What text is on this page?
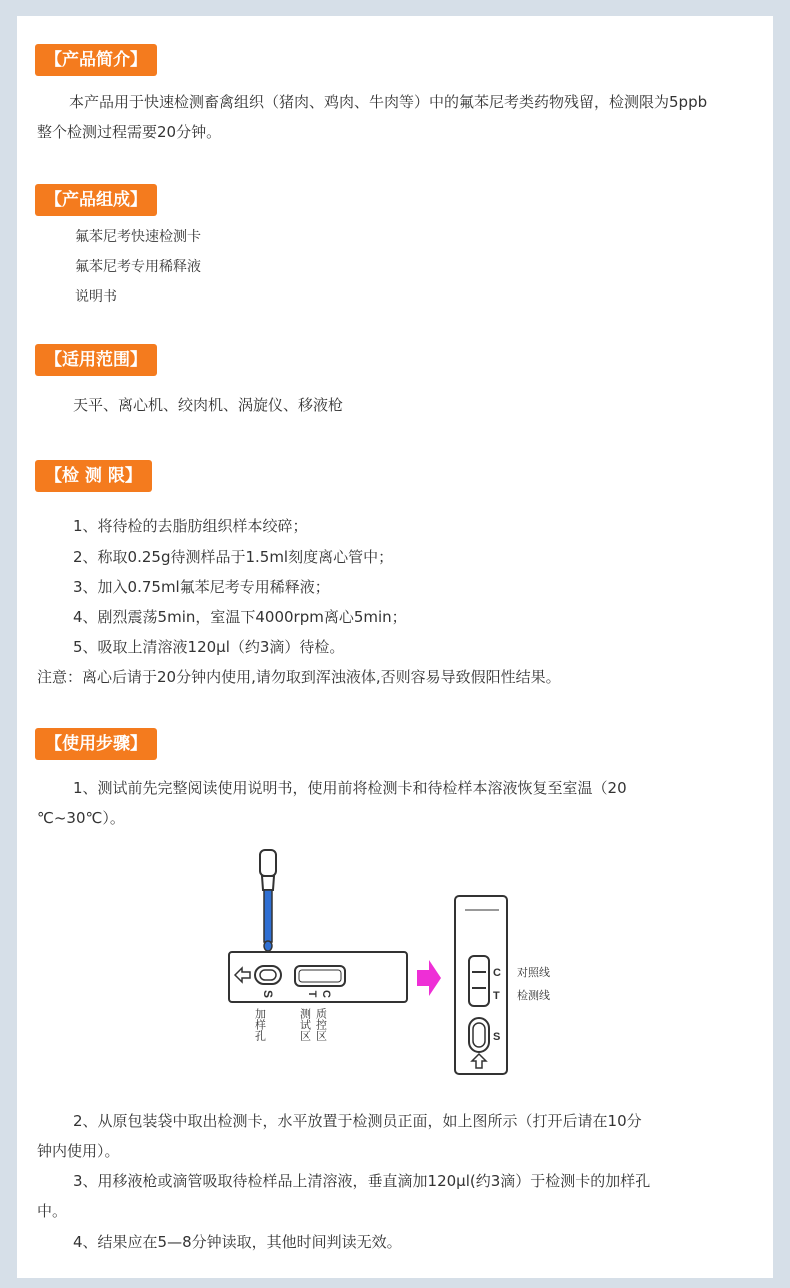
【产品简介】
本产品用于快速检测畜禽组织（猪肉、鸡肉、牛肉等）中的氟苯尼考类药物残留，检测限为5ppb
整个检测过程需要20分钟。
【产品组成】
氟苯尼考快速检测卡
氟苯尼考专用稀释液
说明书
【适用范围】
天平、离心机、绞肉机、涡旋仪、移液枪
【检 测 限】
1、将待检的去脂肪组织样本绞碎；
2、称取0.25g待测样品于1.5ml刻度离心管中；
3、加入0.75ml氟苯尼考专用稀释液；
4、剧烈震荡5min，室温下4000rpm离心5min；
5、吸取上清溶液120μl（约3滴）待检。
注意：离心后请于20分钟内使用,请勿取到浑浊液体,否则容易导致假阳性结果。
【使用步骤】
1、测试前先完整阅读使用说明书，使用前将检测卡和待检样本溶液恢复至室温（20
℃~30℃）。
S	T C
加样孔	测试区 质控区
C
T
S
对照线
检测线
2、从原包装袋中取出检测卡，水平放置于检测员正面，如上图所示（打开后请在10分
钟内使用）。
3、用移液枪或滴管吸取待检样品上清溶液，垂直滴加120μl(约3滴）于检测卡的加样孔
中。
4、结果应在5—8分钟读取，其他时间判读无效。
